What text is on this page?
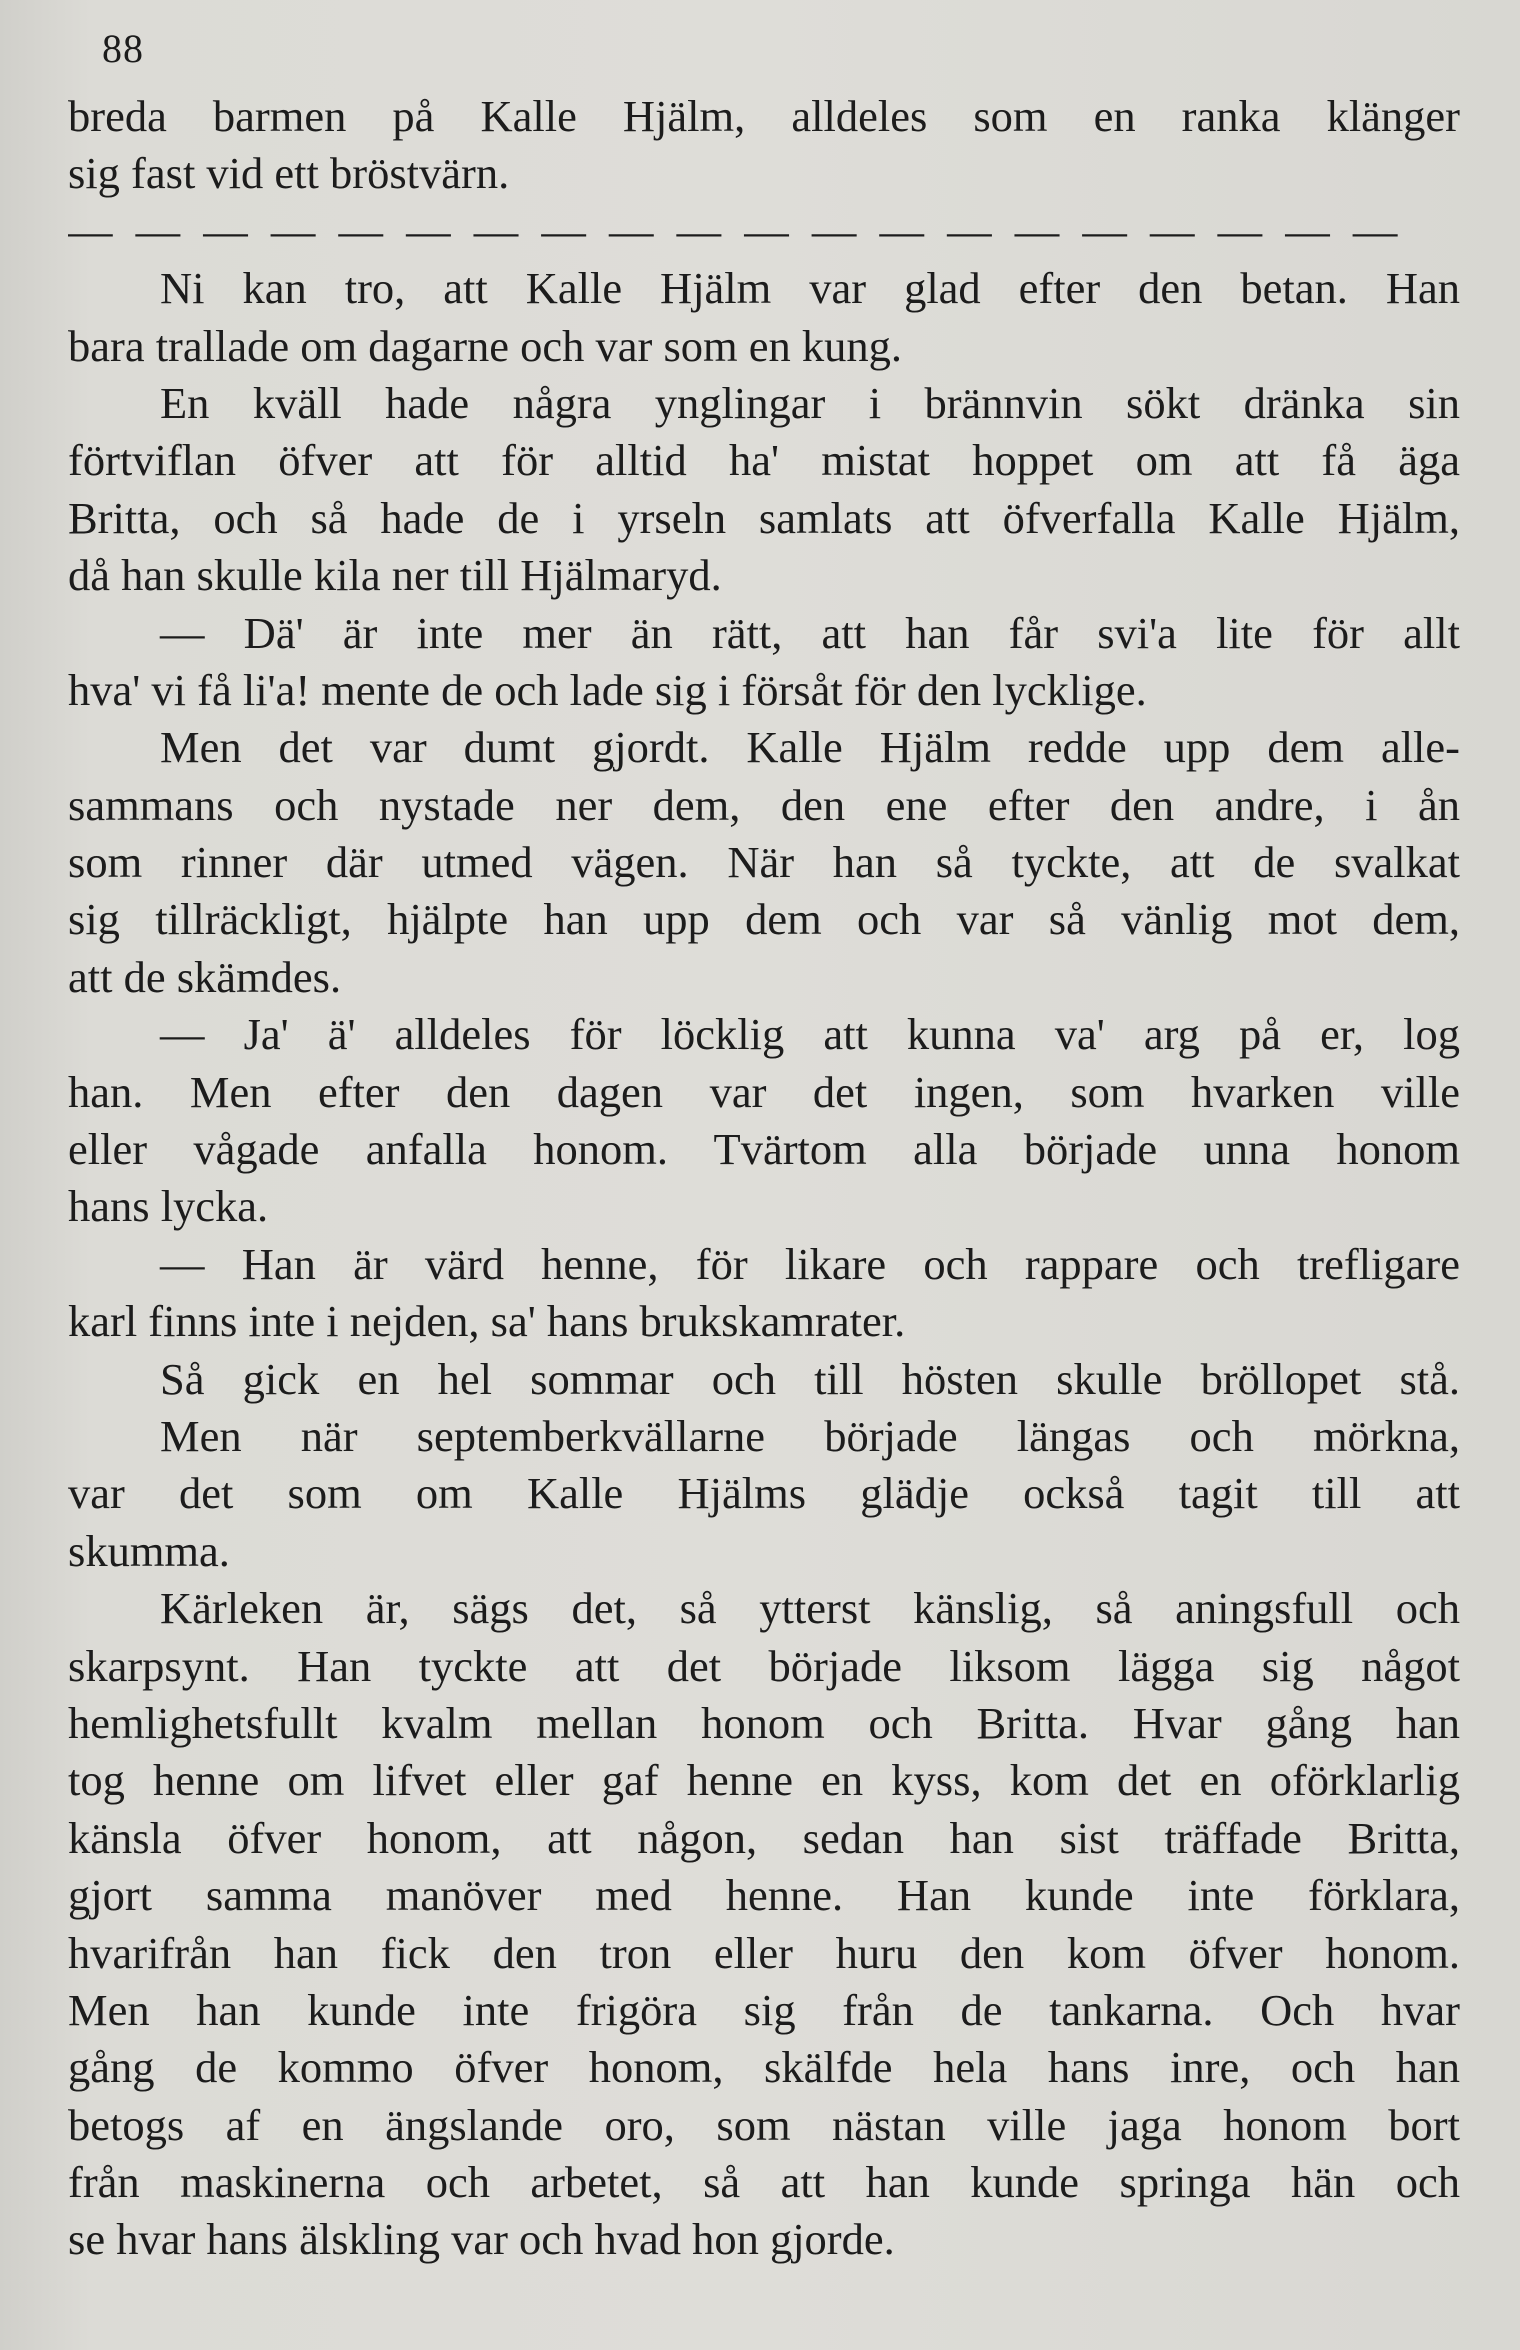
88
breda barmen på Kalle Hjälm, alldeles som en ranka klänger
sig fast vid ett bröstvärn.
— — — — — — — — — — — — — — — — — — — —
Ni kan tro, att Kalle Hjälm var glad efter den betan. Han
bara trallade om dagarne och var som en kung.
En kväll hade några ynglingar i brännvin sökt dränka sin
förtviflan öfver att för alltid ha' mistat hoppet om att få äga
Britta, och så hade de i yrseln samlats att öfverfalla Kalle Hjälm,
då han skulle kila ner till Hjälmaryd.
— Dä' är inte mer än rätt, att han får svi'a lite för allt
hva' vi få li'a! mente de och lade sig i försåt för den lycklige.
Men det var dumt gjordt. Kalle Hjälm redde upp dem alle-
sammans och nystade ner dem, den ene efter den andre, i ån
som rinner där utmed vägen. När han så tyckte, att de svalkat
sig tillräckligt, hjälpte han upp dem och var så vänlig mot dem,
att de skämdes.
— Ja' ä' alldeles för löcklig att kunna va' arg på er, log
han. Men efter den dagen var det ingen, som hvarken ville
eller vågade anfalla honom. Tvärtom alla började unna honom
hans lycka.
— Han är värd henne, för likare och rappare och trefligare
karl finns inte i nejden, sa' hans brukskamrater.
Så gick en hel sommar och till hösten skulle bröllopet stå.
Men när septemberkvällarne började längas och mörkna,
var det som om Kalle Hjälms glädje också tagit till att
skumma.
Kärleken är, sägs det, så ytterst känslig, så aningsfull och
skarpsynt. Han tyckte att det började liksom lägga sig något
hemlighetsfullt kvalm mellan honom och Britta. Hvar gång han
tog henne om lifvet eller gaf henne en kyss, kom det en oförklarlig
känsla öfver honom, att någon, sedan han sist träffade Britta,
gjort samma manöver med henne. Han kunde inte förklara,
hvarifrån han fick den tron eller huru den kom öfver honom.
Men han kunde inte frigöra sig från de tankarna. Och hvar
gång de kommo öfver honom, skälfde hela hans inre, och han
betogs af en ängslande oro, som nästan ville jaga honom bort
från maskinerna och arbetet, så att han kunde springa hän och
se hvar hans älskling var och hvad hon gjorde.
